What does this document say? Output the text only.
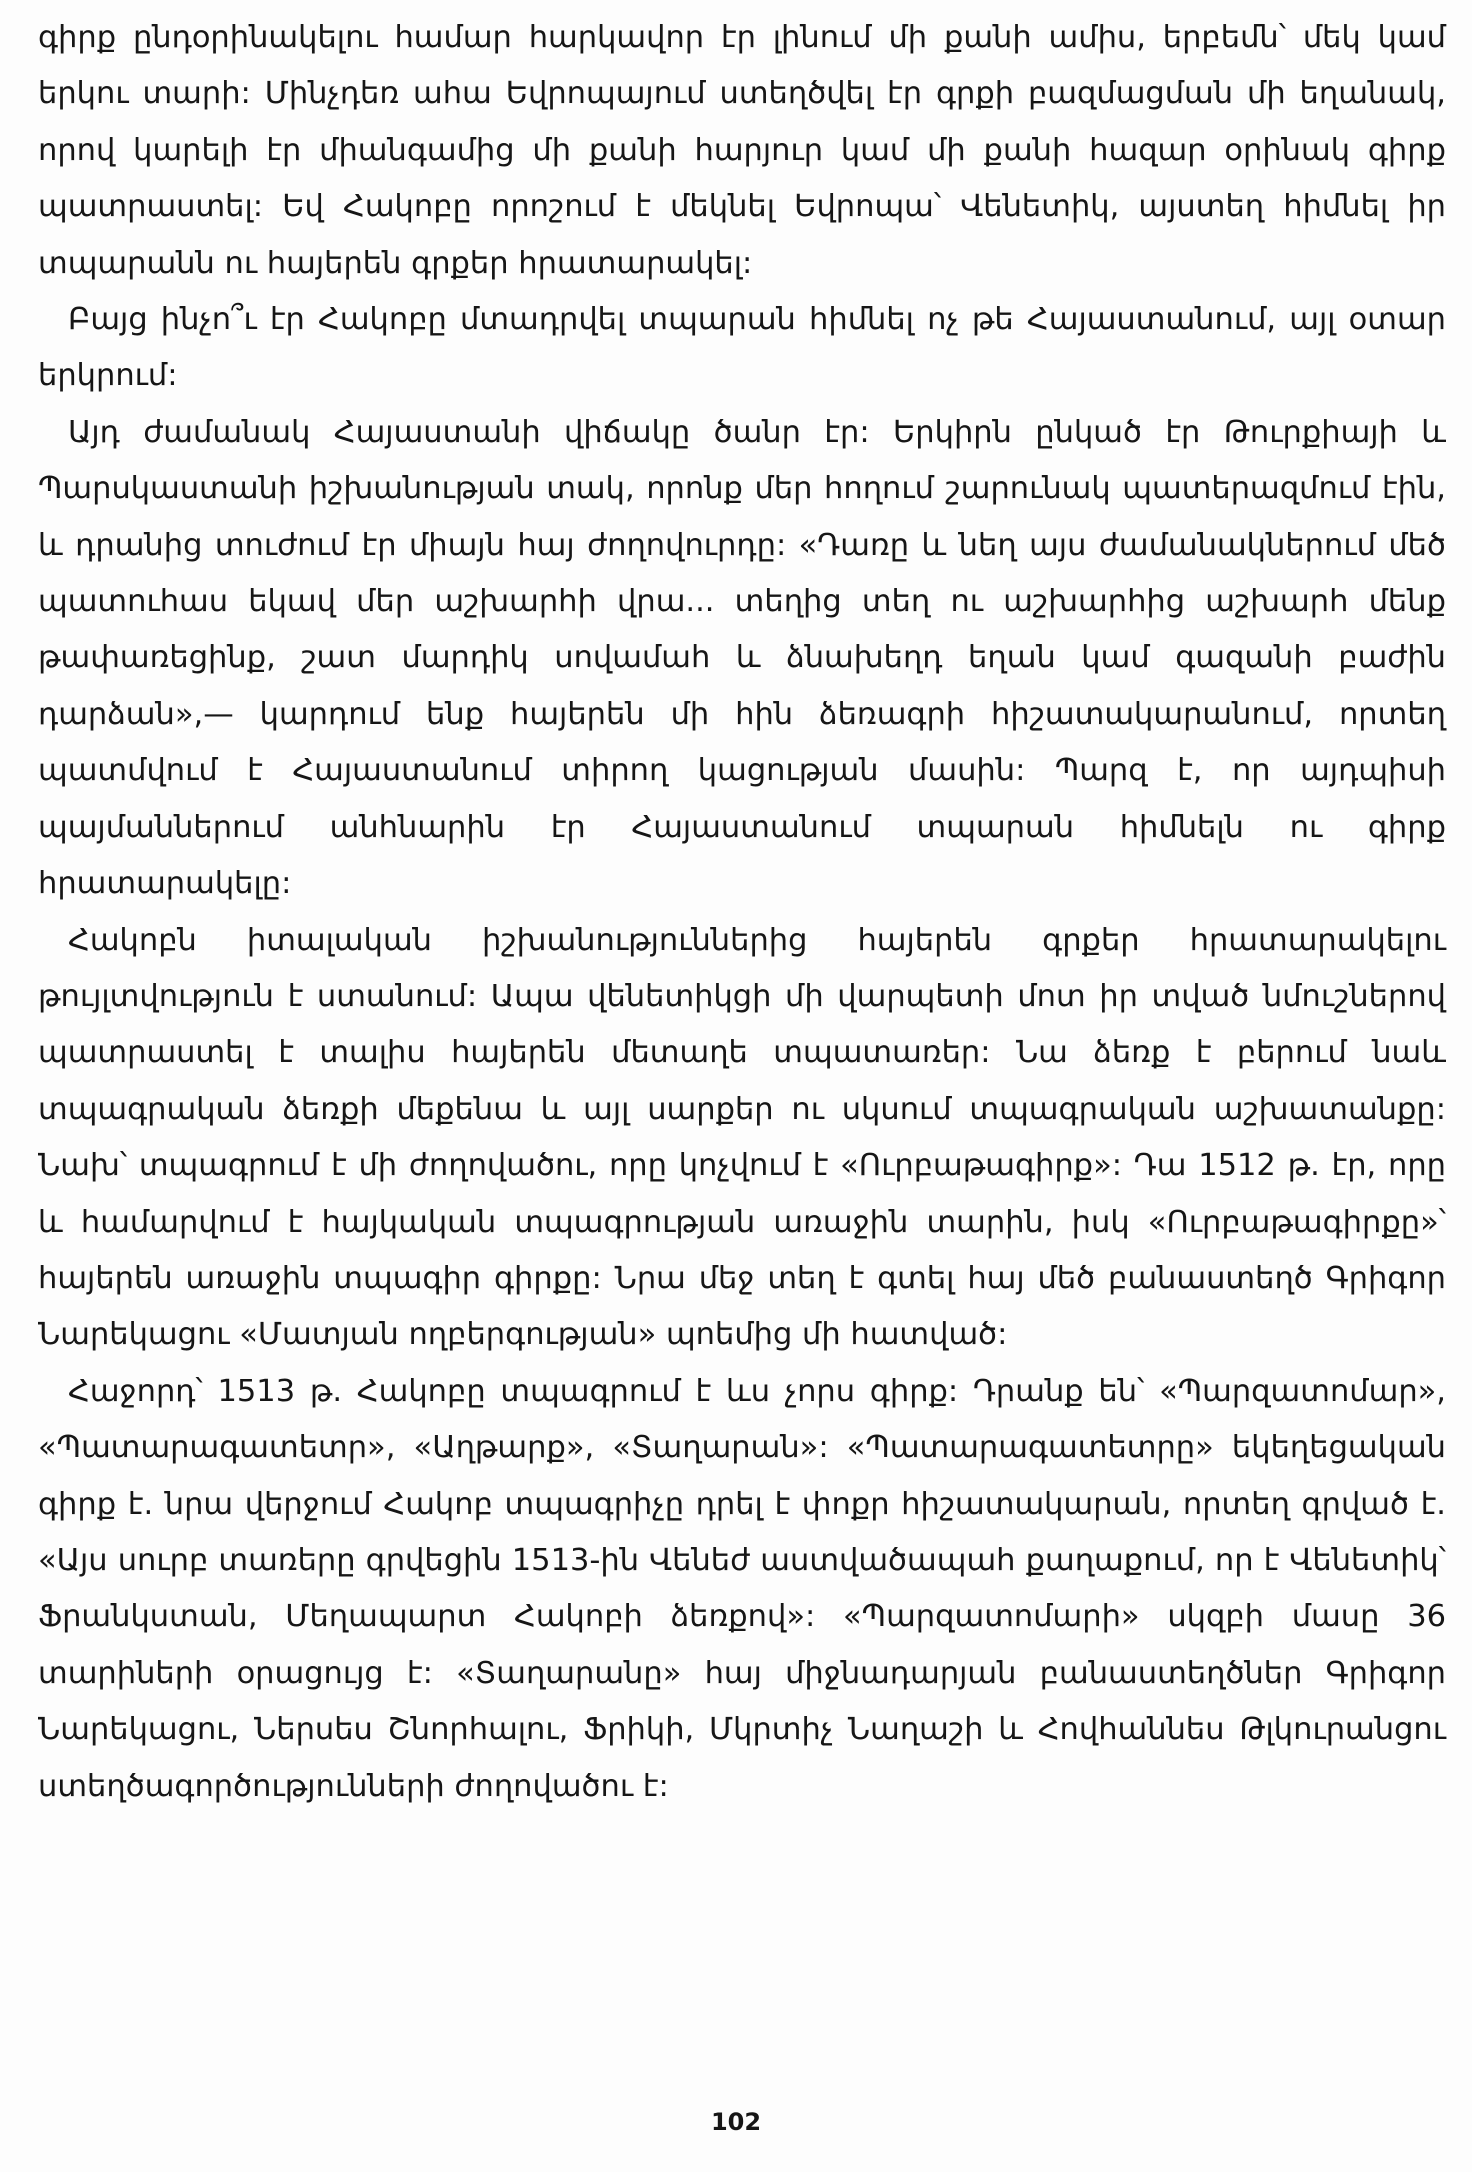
գիրք ընդօրինակելու համար հարկավոր էր լինում մի քանի ամիս, երբեմն՝ մեկ կամ երկու տարի: Մինչդեռ ահա Եվրոպայում ստեղծվել էր գրքի բազմացման մի եղանակ, որով կարելի էր միանգամից մի քանի հարյուր կամ մի քանի հազար օրինակ գիրք պատրաստել: Եվ Հակոբը որոշում է մեկնել Եվրոպա՝ Վենետիկ, այստեղ հիմնել իր տպարանն ու հայերեն գրքեր հրատարակել:

Բայց ինչո՞ւ էր Հակոբը մտադրվել տպարան հիմնել ոչ թե Հայաստանում, այլ օտար երկրում:

Այդ ժամանակ Հայաստանի վիճակը ծանր էր: Երկիրն ընկած էր Թուրքիայի և Պարսկաստանի իշխանության տակ, որոնք մեր հողում շարունակ պատերազմում էին, և դրանից տուժում էր միայն հայ ժողովուրդը: «Դառը և նեղ այս ժամանակներում մեծ պատուհաս եկավ մեր աշխարհի վրա... տեղից տեղ ու աշխարհից աշխարհ մենք թափառեցինք, շատ մարդիկ սովամահ և ձնախեղդ եղան կամ գազանի բաժին դարձան»,— կարդում ենք հայերեն մի հին ձեռագրի հիշատակարանում, որտեղ պատմվում է Հայաստանում տիրող կացության մասին: Պարզ է, որ այդպիսի պայմաններում անհնարին էր Հայաստանում տպարան հիմնելն ու գիրք հրատարակելը:

Հակոբն իտալական իշխանություններից հայերեն գրքեր հրատարակելու թույլտվություն է ստանում: Ապա վենետիկցի մի վարպետի մոտ իր տված նմուշներով պատրաստել է տալիս հայերեն մետաղե տպատառեր: Նա ձեռք է բերում նաև տպագրական ձեռքի մեքենա և այլ սարքեր ու սկսում տպագրական աշխատանքը: Նախ՝ տպագրում է մի ժողովածու, որը կոչվում է «Ուրբաթագիրք»: Դա 1512 թ. էր, որը և համարվում է հայկական տպագրության առաջին տարին, իսկ «Ուրբաթագիրքը»՝ հայերեն առաջին տպագիր գիրքը: Նրա մեջ տեղ է գտել հայ մեծ բանաստեղծ Գրիգոր Նարեկացու «Մատյան ողբերգության» պոեմից մի հատված:

Հաջորդ՝ 1513 թ. Հակոբը տպագրում է ևս չորս գիրք: Դրանք են՝ «Պարզատոմար», «Պատարագատետր», «Աղթարք», «Տաղարան»: «Պատարագատետրը» եկեղեցական գիրք է. նրա վերջում Հակոբ տպագրիչը դրել է փոքր հիշատակարան, որտեղ գրված է. «Այս սուրբ տառերը գրվեցին 1513-ին Վենեժ աստվածապահ քաղաքում, որ է Վենետիկ՝ Ֆրանկստան, Մեղապարտ Հակոբի ձեռքով»: «Պարզատոմարի» սկզբի մասը 36 տարիների օրացույց է: «Տաղարանը» հայ միջնադարյան բանաստեղծներ Գրիգոր Նարեկացու, Ներսես Շնորհալու, Ֆրիկի, Մկրտիչ Նաղաշի և Հովհաննես Թլկուրանցու ստեղծագործությունների ժողովածու է:

102
